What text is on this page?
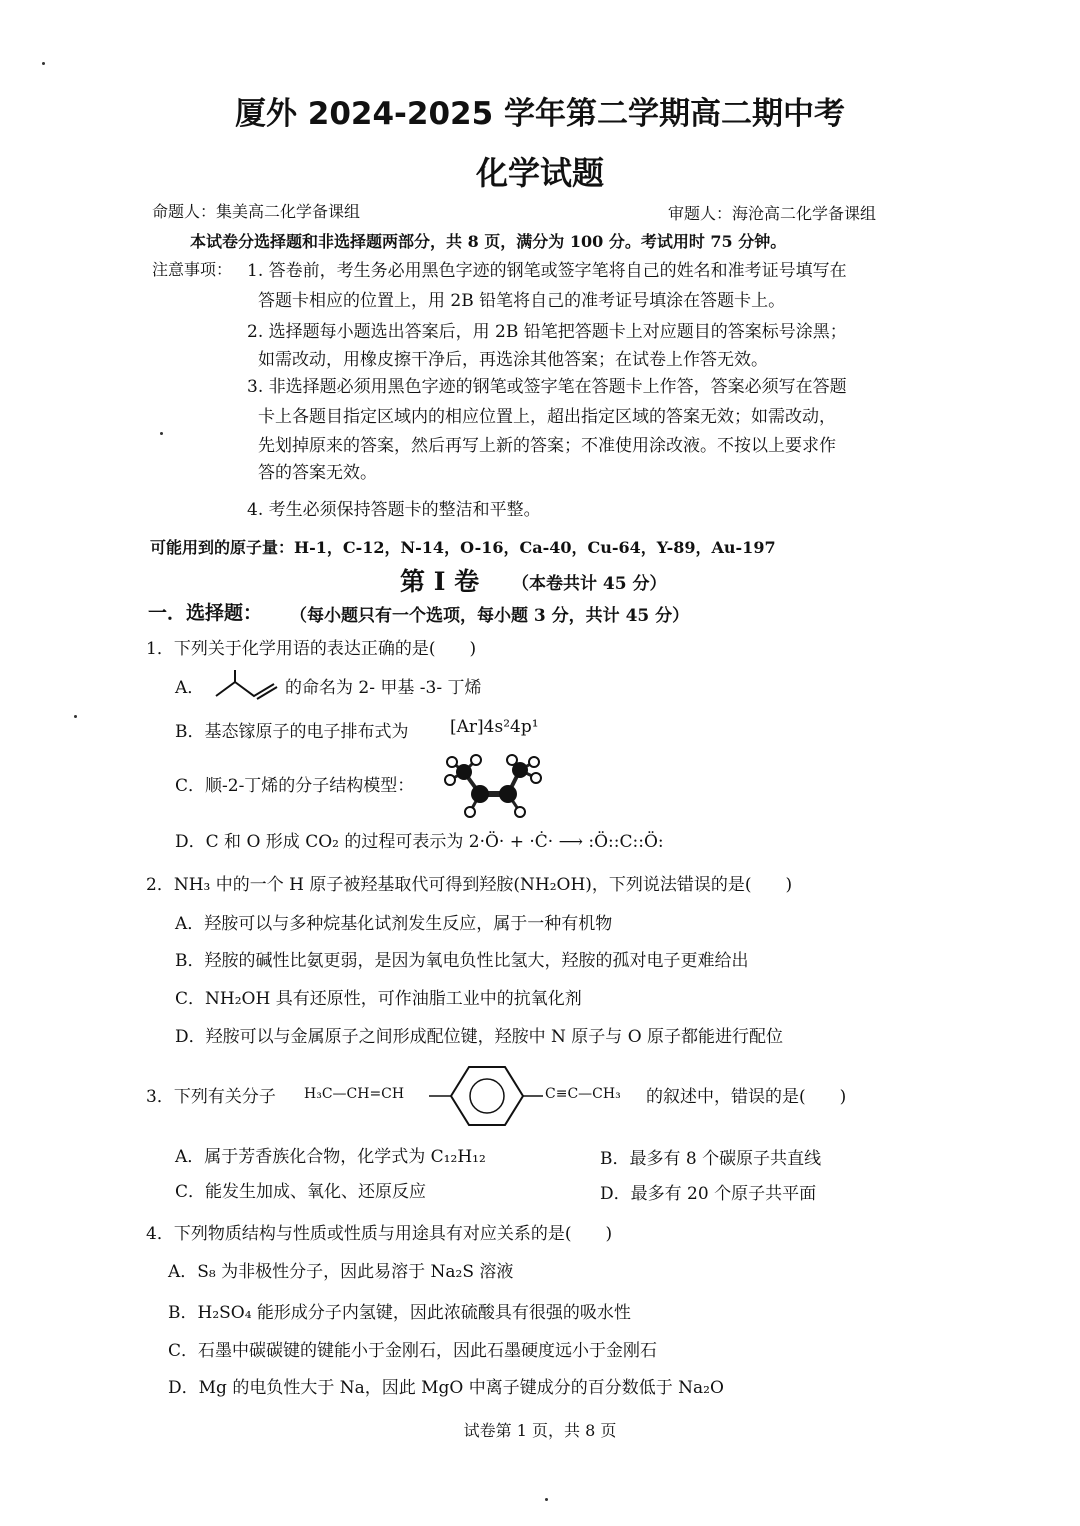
厦外 2024-2025 学年第二学期高二期中考
化学试题
命题人：集美高二化学备课组	审题人：海沧高二化学备课组
本试卷分选择题和非选择题两部分，共 8 页，满分为 100 分。考试用时 75 分钟。
注意事项： 1. 答卷前，考生务必用黑色字迹的钢笔或签字笔将自己的姓名和准考证号填写在
答题卡相应的位置上，用 2B 铅笔将自己的准考证号填涂在答题卡上。
2. 选择题每小题选出答案后，用 2B 铅笔把答题卡上对应题目的答案标号涂黑；
如需改动，用橡皮擦干净后，再选涂其他答案；在试卷上作答无效。
3. 非选择题必须用黑色字迹的钢笔或签字笔在答题卡上作答，答案必须写在答题
卡上各题目指定区域内的相应位置上，超出指定区域的答案无效；如需改动，
先划掉原来的答案，然后再写上新的答案；不准使用涂改液。不按以上要求作
答的答案无效。
4. 考生必须保持答题卡的整洁和平整。
可能用到的原子量：H-1，C-12，N-14，O-16，Ca-40，Cu-64，Y-89，Au-197
第 I 卷 （本卷共计 45 分）
一．选择题： （每小题只有一个选项，每小题 3 分，共计 45 分）
1．下列关于化学用语的表达正确的是(　　)
A．	的命名为 2- 甲基 -3- 丁烯
B．基态镓原子的电子排布式为 [Ar]4s²4p¹
C．顺-2-丁烯的分子结构模型：
D．C 和 O 形成 CO₂ 的过程可表示为 2·Ö· + ·Ċ· ⟶ :Ö::C::Ö:
2．NH₃ 中的一个 H 原子被羟基取代可得到羟胺(NH₂OH)，下列说法错误的是(　　)
A．羟胺可以与多种烷基化试剂发生反应，属于一种有机物
B．羟胺的碱性比氨更弱，是因为氧电负性比氢大，羟胺的孤对电子更难给出
C．NH₂OH 具有还原性，可作油脂工业中的抗氧化剂
D．羟胺可以与金属原子之间形成配位键，羟胺中 N 原子与 O 原子都能进行配位
3．下列有关分子 H₃C—CH=CH	C≡C—CH₃ 的叙述中，错误的是(　　)
A．属于芳香族化合物，化学式为 C₁₂H₁₂	B．最多有 8 个碳原子共直线
C．能发生加成、氧化、还原反应	D．最多有 20 个原子共平面
4．下列物质结构与性质或性质与用途具有对应关系的是(　　)
A．S₈ 为非极性分子，因此易溶于 Na₂S 溶液
B．H₂SO₄ 能形成分子内氢键，因此浓硫酸具有很强的吸水性
C．石墨中碳碳键的键能小于金刚石，因此石墨硬度远小于金刚石
D．Mg 的电负性大于 Na，因此 MgO 中离子键成分的百分数低于 Na₂O
试卷第 1 页，共 8 页
